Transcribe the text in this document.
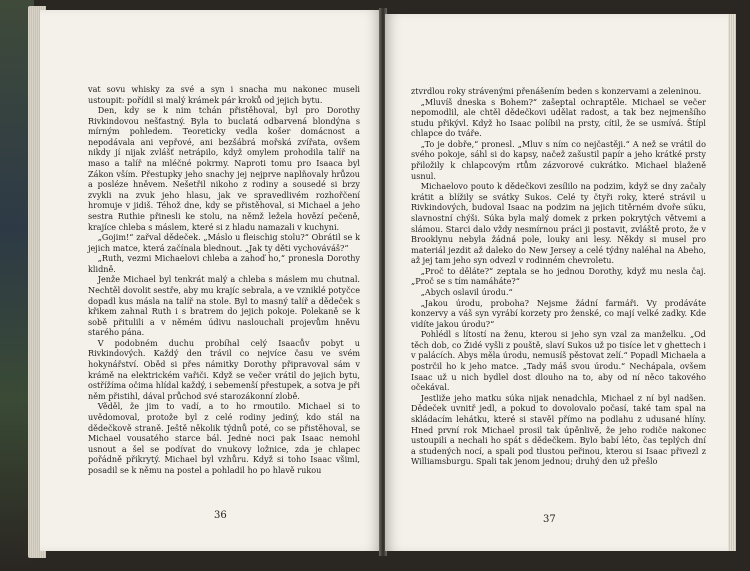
vat sovu whisky za své a syn i snacha mu nakonec museli ustoupit: pořídil si malý krámek pár kroků od jejich bytu.

Den, kdy se k nim tchán přistěhoval, byl pro Dorothy Rivkindovou nešťastný. Byla to buclatá odbarvená blondýna s mírným pohledem. Teoreticky vedla košer domácnost a nepodávala ani vepřové, ani bezšábrá mořská zvířata, ovšem nikdy jí nijak zvlášť netrápilo, když omylem prohodila talíř na maso a talíř na mléčné pokrmy. Naproti tomu pro Isaaca byl Zákon vším. Přestupky jeho snachy jej nejprve naplňovaly hrůzou a posléze hněvem. Nešetřil nikoho z rodiny a sousedé si brzy zvykli na zvuk jeho hlasu, jak ve spravedlivém rozhořčení hromuje v jidiš. Téhož dne, kdy se přistěhoval, si Michael a jeho sestra Ruthie přinesli ke stolu, na němž ležela hovězí pečeně, krajíce chleba s máslem, které si z hladu namazali v kuchyni.

„Gojim!“ zařval dědeček. „Máslo u fleischig stolu?“ Obrátil se k jejich matce, která začínala blednout. „Jak ty děti vychováváš?“

„Ruth, vezmi Michaelovi chleba a zahoď ho,“ pronesla Dorothy klidně.

Jenže Michael byl tenkrát malý a chleba s máslem mu chutnal. Nechtěl dovolit sestře, aby mu krajíc sebrala, a ve vzniklé potyčce dopadl kus másla na talíř na stole. Byl to masný talíř a dědeček s křikem zahnal Ruth i s bratrem do jejich pokoje. Polekaně se k sobě přitulili a v němém údivu naslouchali projevům hněvu starého pána.

V podobném duchu probíhal celý Isaacův pobyt u Rivkindových. Každý den trávil co nejvíce času ve svém hokynářství. Oběd si přes námitky Dorothy připravoval sám v krámě na elektrickém vařiči. Když se večer vrátil do jejich bytu, ostřížíma očima hlídal každý, i sebemenší přestupek, a sotva je při něm přistihl, dával průchod své starozákonní zlobě.

Věděl, že jim to vadí, a to ho rmoutilo. Michael si to uvědomoval, protože byl z celé rodiny jediný, kdo stál na dědečkově straně. Ještě několik týdnů poté, co se přistěhoval, se Michael vousatého starce bál. Jednė noci pak Isaac nemohl usnout a šel se podívat do vnukovy ložnice, zda je chlapec pořádně přikrytý. Michael byl vzhůru. Když si toho Isaac všiml, posadil se k němu na postel a pohladil ho po hlavě rukou

36

ztvrdlou roky strávenými přenášením beden s konzervami a zeleninou.

„Mluvíš dneska s Bohem?“ zašeptal ochraptěle. Michael se večer nepomodlil, ale chtěl dědečkovi udělat radost, a tak bez nejmenšího studu přikývl. Když ho Isaac políbil na prsty, cítil, že se usmívá. Štípl chlapce do tváře.

„To je dobře,“ pronesl. „Mluv s ním co nejčastěji.“ A než se vrátil do svého pokoje, sáhl si do kapsy, načež zašustil papír a jeho krátké prsty přiložily k chlapcovým rtům zázvorové cukrátko. Michael blaženě usnul.

Michaelovo pouto k dědečkovi zesílilo na podzim, když se dny začaly krátit a blížily se svátky Sukos. Celé ty čtyři roky, které strávil u Rivkindových, budoval Isaac na podzim na jejich titěrném dvoře súku, slavnostní chýši. Súka byla malý domek z prken pokrytých větvemi a slámou. Starci dalo vždy nesmírnou práci ji postavit, zvláště proto, že v Brooklynu nebyla žádná pole, louky ani lesy. Někdy si musel pro materiál jezdit až daleko do New Jersey a celé týdny naléhal na Abeho, až jej tam jeho syn odvezl v rodinném chevroletu.

„Proč to děláte?“ zeptala se ho jednou Dorothy, když mu nesla čaj. „Proč se s tím namáháte?“

„Abych oslavil úrodu.“

„Jakou úrodu, proboha? Nejsme žádní farmáři. Vy prodáváte konzervy a váš syn vyrábí korzety pro ženské, co mají velké zadky. Kde vidíte jakou úrodu?“

Pohlédl s lítostí na ženu, kterou si jeho syn vzal za manželku. „Od těch dob, co Židé vyšli z pouště, slaví Sukos už po tisíce let v ghettech i v palácích. Abys měla úrodu, nemusíš pěstovat zelí.“ Popadl Michaela a postrčil ho k jeho matce. „Tady máš svou úrodu.“ Nechápala, ovšem Isaac už u nich bydlel dost dlouho na to, aby od ní něco takového očekával.

Jestliže jeho matku súka nijak nenadchla, Michael z ní byl nadšen. Dědeček uvnitř jedl, a pokud to dovolovalo počasí, také tam spal na skládacím lehátku, které si stavěl přímo na podlahu z udusané hlíny. Hned první rok Michael prosil tak úpěnlivě, že jeho rodiče nakonec ustoupili a nechali ho spát s dědečkem. Bylo babí léto, čas teplých dní a studených nocí, a spali pod tlustou peřinou, kterou si Isaac přivezl z Williamsburgu. Spali tak jenom jednou; druhý den už přešlo

37
